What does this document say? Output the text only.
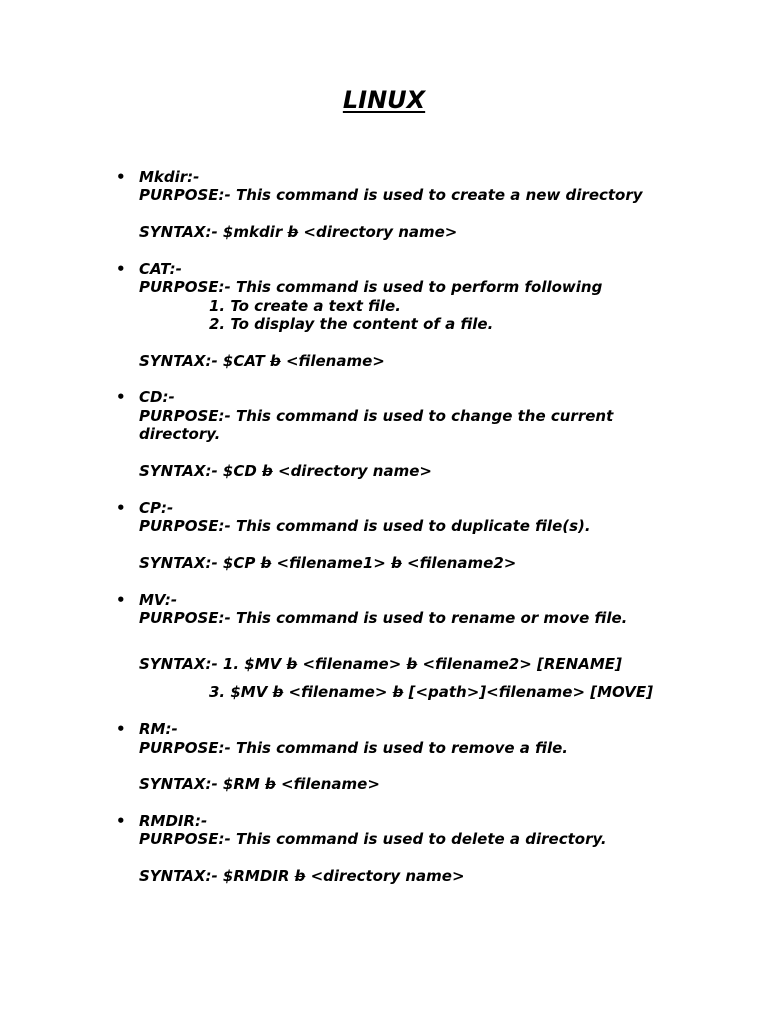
LINUX
• Mkdir:-
PURPOSE:- This command is used to create a new directory
SYNTAX:- $mkdir b <directory name>
• CAT:-
PURPOSE:- This command is used to perform following
1. To create a text file.
2. To display the content of a file.
SYNTAX:- $CAT b <filename>
• CD:-
PURPOSE:- This command is used to change the current
directory.
SYNTAX:- $CD b <directory name>
• CP:-
PURPOSE:- This command is used to duplicate file(s).
SYNTAX:- $CP b <filename1> b <filename2>
• MV:-
PURPOSE:- This command is used to rename or move file.
SYNTAX:- 1. $MV b <filename> b <filename2> [RENAME]
3. $MV b <filename> b [<path>]<filename> [MOVE]
• RM:-
PURPOSE:- This command is used to remove a file.
SYNTAX:- $RM b <filename>
• RMDIR:-
PURPOSE:- This command is used to delete a directory.
SYNTAX:- $RMDIR b <directory name>
